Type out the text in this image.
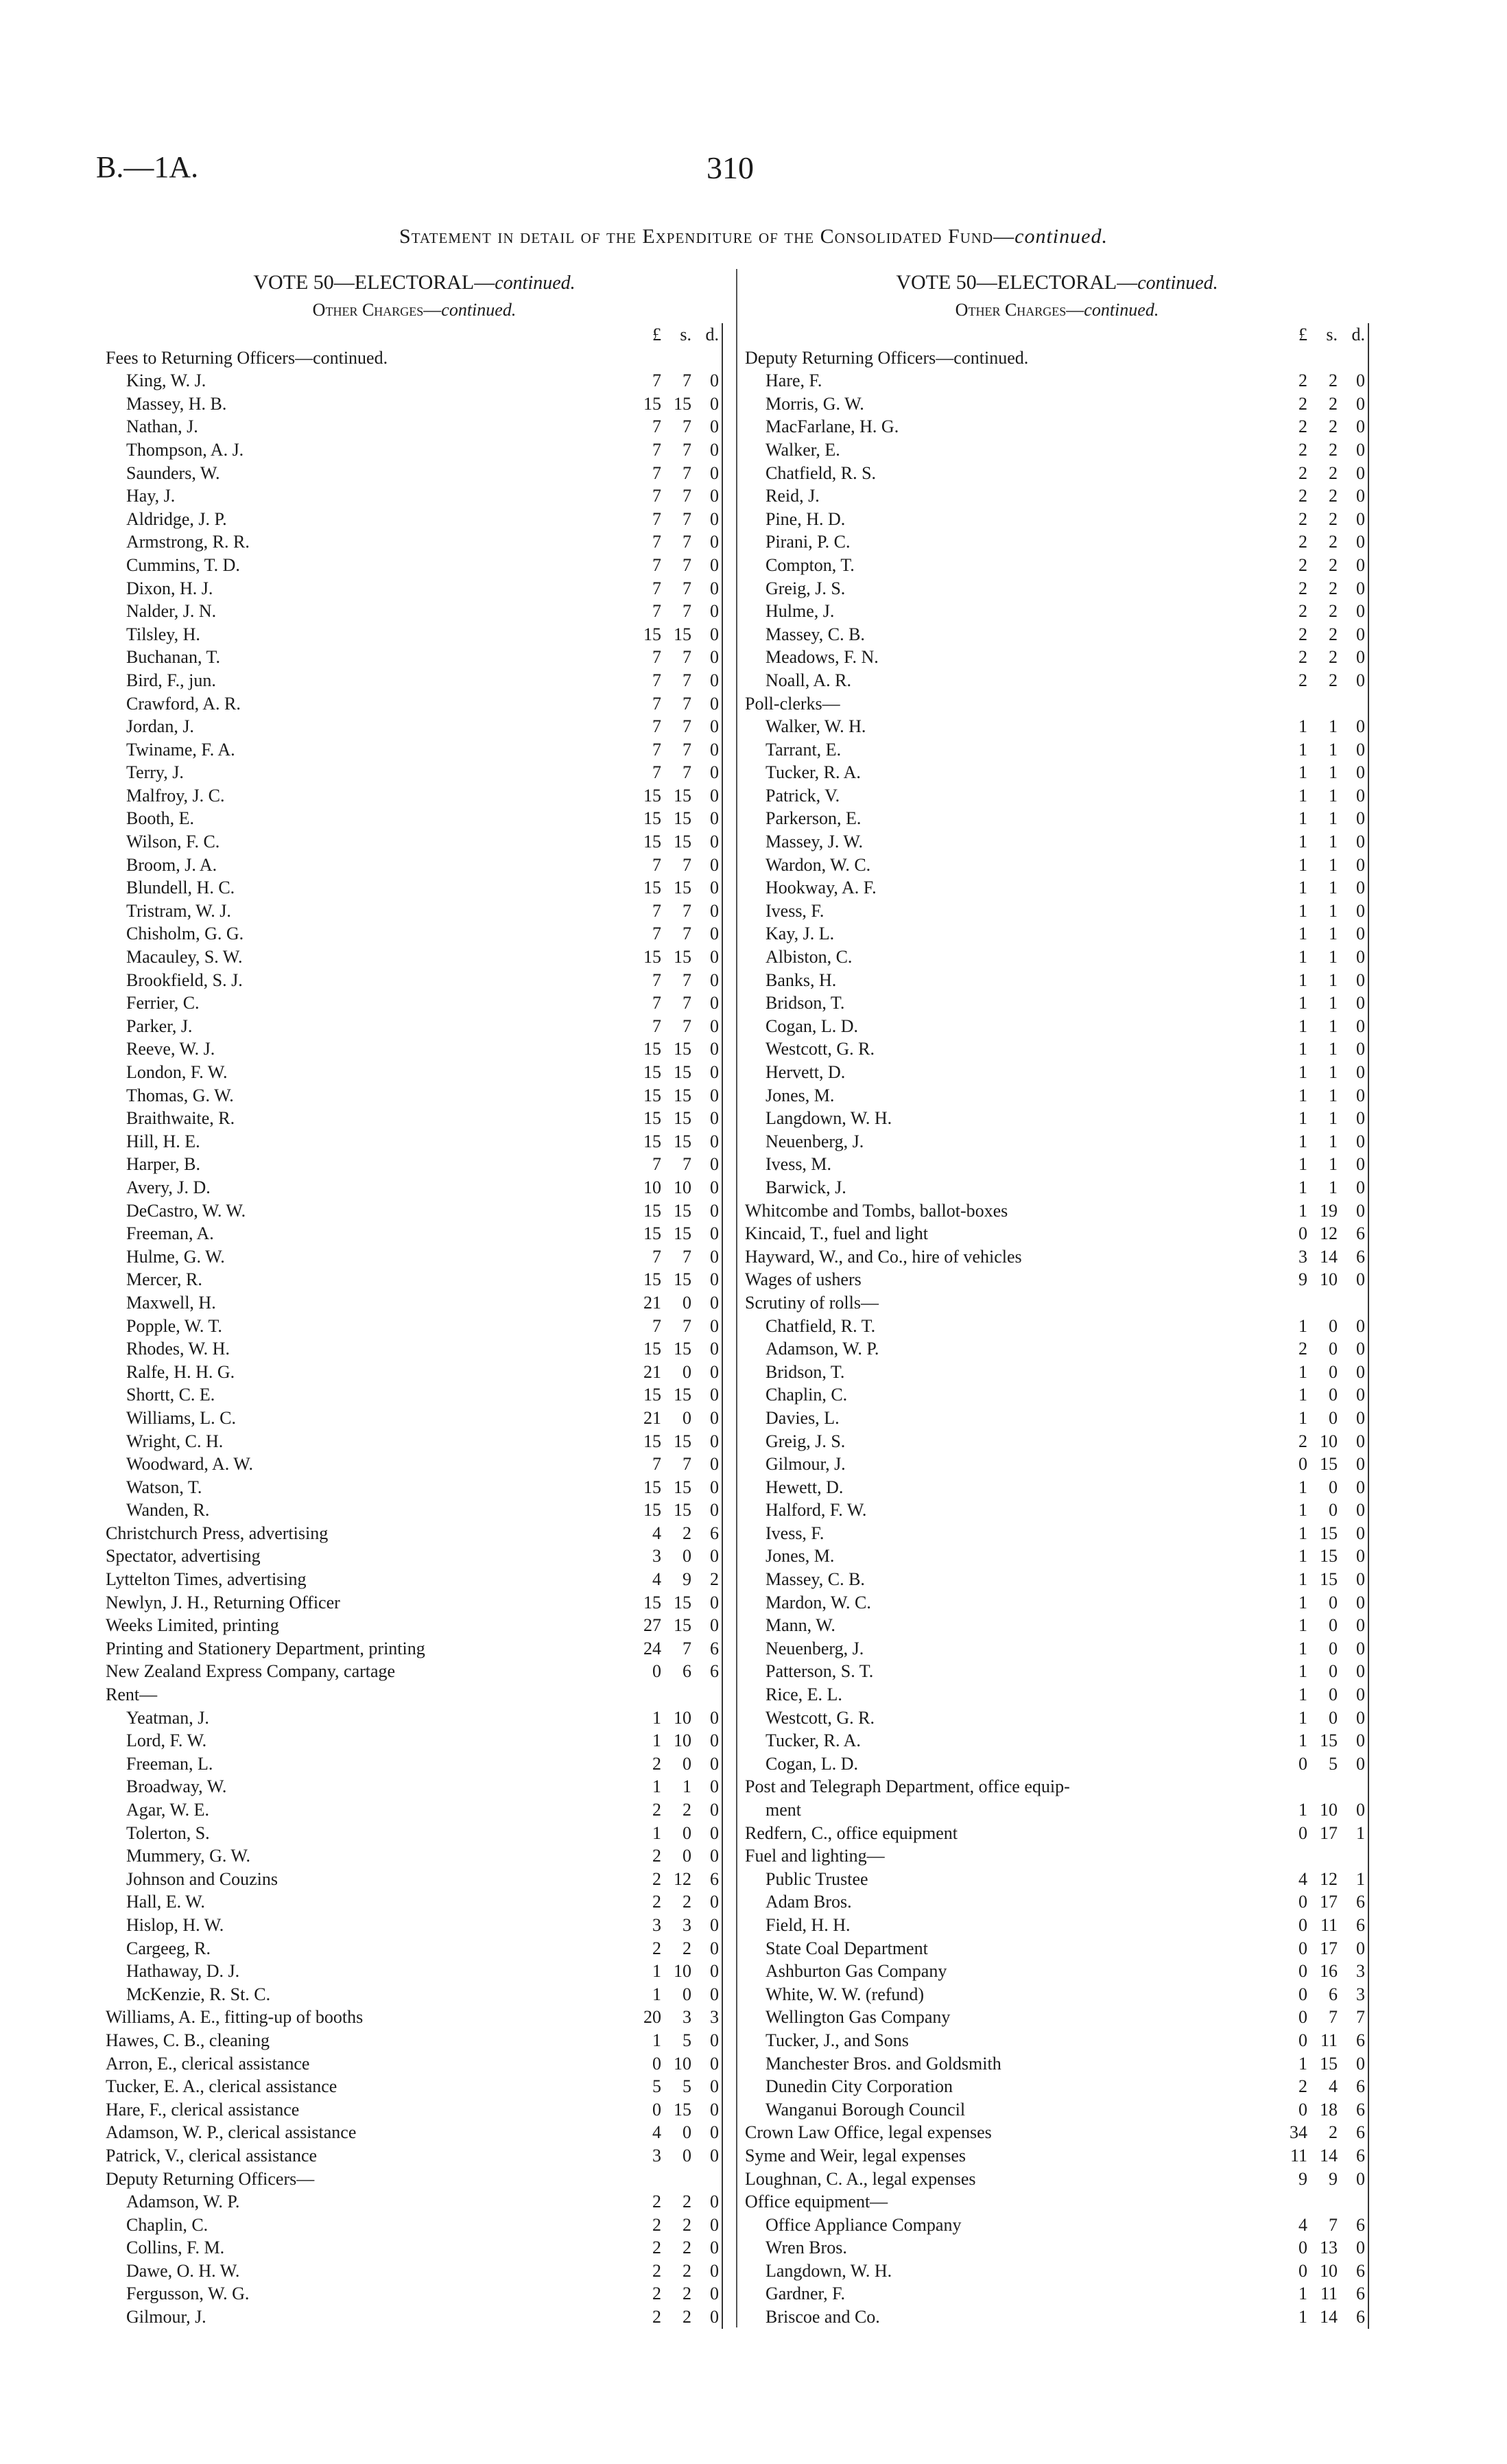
B.—1A.	310
Statement in detail of the Expenditure of the Consolidated Fund—continued.
VOTE 50—ELECTORAL—continued.
Other Charges—continued.
	£	s.	d.
Fees to Returning Officers—continued.			
King, W. J.	7	7	0
Massey, H. B.	15	15	0
Nathan, J.	7	7	0
Thompson, A. J.	7	7	0
Saunders, W.	7	7	0
Hay, J.	7	7	0
Aldridge, J. P.	7	7	0
Armstrong, R. R.	7	7	0
Cummins, T. D.	7	7	0
Dixon, H. J.	7	7	0
Nalder, J. N.	7	7	0
Tilsley, H.	15	15	0
Buchanan, T.	7	7	0
Bird, F., jun.	7	7	0
Crawford, A. R.	7	7	0
Jordan, J.	7	7	0
Twiname, F. A.	7	7	0
Terry, J.	7	7	0
Malfroy, J. C.	15	15	0
Booth, E.	15	15	0
Wilson, F. C.	15	15	0
Broom, J. A.	7	7	0
Blundell, H. C.	15	15	0
Tristram, W. J.	7	7	0
Chisholm, G. G.	7	7	0
Macauley, S. W.	15	15	0
Brookfield, S. J.	7	7	0
Ferrier, C.	7	7	0
Parker, J.	7	7	0
Reeve, W. J.	15	15	0
London, F. W.	15	15	0
Thomas, G. W.	15	15	0
Braithwaite, R.	15	15	0
Hill, H. E.	15	15	0
Harper, B.	7	7	0
Avery, J. D.	10	10	0
DeCastro, W. W.	15	15	0
Freeman, A.	15	15	0
Hulme, G. W.	7	7	0
Mercer, R.	15	15	0
Maxwell, H.	21	0	0
Popple, W. T.	7	7	0
Rhodes, W. H.	15	15	0
Ralfe, H. H. G.	21	0	0
Shortt, C. E.	15	15	0
Williams, L. C.	21	0	0
Wright, C. H.	15	15	0
Woodward, A. W.	7	7	0
Watson, T.	15	15	0
Wanden, R.	15	15	0
Christchurch Press, advertising	4	2	6
Spectator, advertising	3	0	0
Lyttelton Times, advertising	4	9	2
Newlyn, J. H., Returning Officer	15	15	0
Weeks Limited, printing	27	15	0
Printing and Stationery Department, printing	24	7	6
New Zealand Express Company, cartage	0	6	6
Rent—			
Yeatman, J.	1	10	0
Lord, F. W.	1	10	0
Freeman, L.	2	0	0
Broadway, W.	1	1	0
Agar, W. E.	2	2	0
Tolerton, S.	1	0	0
Mummery, G. W.	2	0	0
Johnson and Couzins	2	12	6
Hall, E. W.	2	2	0
Hislop, H. W.	3	3	0
Cargeeg, R.	2	2	0
Hathaway, D. J.	1	10	0
McKenzie, R. St. C.	1	0	0
Williams, A. E., fitting-up of booths	20	3	3
Hawes, C. B., cleaning	1	5	0
Arron, E., clerical assistance	0	10	0
Tucker, E. A., clerical assistance	5	5	0
Hare, F., clerical assistance	0	15	0
Adamson, W. P., clerical assistance	4	0	0
Patrick, V., clerical assistance	3	0	0
Deputy Returning Officers—			
Adamson, W. P.	2	2	0
Chaplin, C.	2	2	0
Collins, F. M.	2	2	0
Dawe, O. H. W.	2	2	0
Fergusson, W. G.	2	2	0
Gilmour, J.	2	2	0
VOTE 50—ELECTORAL—continued.
Other Charges—continued.
	£	s.	d.
Deputy Returning Officers—continued.			
Hare, F.	2	2	0
Morris, G. W.	2	2	0
MacFarlane, H. G.	2	2	0
Walker, E.	2	2	0
Chatfield, R. S.	2	2	0
Reid, J.	2	2	0
Pine, H. D.	2	2	0
Pirani, P. C.	2	2	0
Compton, T.	2	2	0
Greig, J. S.	2	2	0
Hulme, J.	2	2	0
Massey, C. B.	2	2	0
Meadows, F. N.	2	2	0
Noall, A. R.	2	2	0
Poll-clerks—			
Walker, W. H.	1	1	0
Tarrant, E.	1	1	0
Tucker, R. A.	1	1	0
Patrick, V.	1	1	0
Parkerson, E.	1	1	0
Massey, J. W.	1	1	0
Wardon, W. C.	1	1	0
Hookway, A. F.	1	1	0
Ivess, F.	1	1	0
Kay, J. L.	1	1	0
Albiston, C.	1	1	0
Banks, H.	1	1	0
Bridson, T.	1	1	0
Cogan, L. D.	1	1	0
Westcott, G. R.	1	1	0
Hervett, D.	1	1	0
Jones, M.	1	1	0
Langdown, W. H.	1	1	0
Neuenberg, J.	1	1	0
Ivess, M.	1	1	0
Barwick, J.	1	1	0
Whitcombe and Tombs, ballot-boxes	1	19	0
Kincaid, T., fuel and light	0	12	6
Hayward, W., and Co., hire of vehicles	3	14	6
Wages of ushers	9	10	0
Scrutiny of rolls—			
Chatfield, R. T.	1	0	0
Adamson, W. P.	2	0	0
Bridson, T.	1	0	0
Chaplin, C.	1	0	0
Davies, L.	1	0	0
Greig, J. S.	2	10	0
Gilmour, J.	0	15	0
Hewett, D.	1	0	0
Halford, F. W.	1	0	0
Ivess, F.	1	15	0
Jones, M.	1	15	0
Massey, C. B.	1	15	0
Mardon, W. C.	1	0	0
Mann, W.	1	0	0
Neuenberg, J.	1	0	0
Patterson, S. T.	1	0	0
Rice, E. L.	1	0	0
Westcott, G. R.	1	0	0
Tucker, R. A.	1	15	0
Cogan, L. D.	0	5	0
Post and Telegraph Department, office equip-			
ment	1	10	0
Redfern, C., office equipment	0	17	1
Fuel and lighting—			
Public Trustee	4	12	1
Adam Bros.	0	17	6
Field, H. H.	0	11	6
State Coal Department	0	17	0
Ashburton Gas Company	0	16	3
White, W. W. (refund)	0	6	3
Wellington Gas Company	0	7	7
Tucker, J., and Sons	0	11	6
Manchester Bros. and Goldsmith	1	15	0
Dunedin City Corporation	2	4	6
Wanganui Borough Council	0	18	6
Crown Law Office, legal expenses	34	2	6
Syme and Weir, legal expenses	11	14	6
Loughnan, C. A., legal expenses	9	9	0
Office equipment—			
Office Appliance Company	4	7	6
Wren Bros.	0	13	0
Langdown, W. H.	0	10	6
Gardner, F.	1	11	6
Briscoe and Co.	1	14	6
